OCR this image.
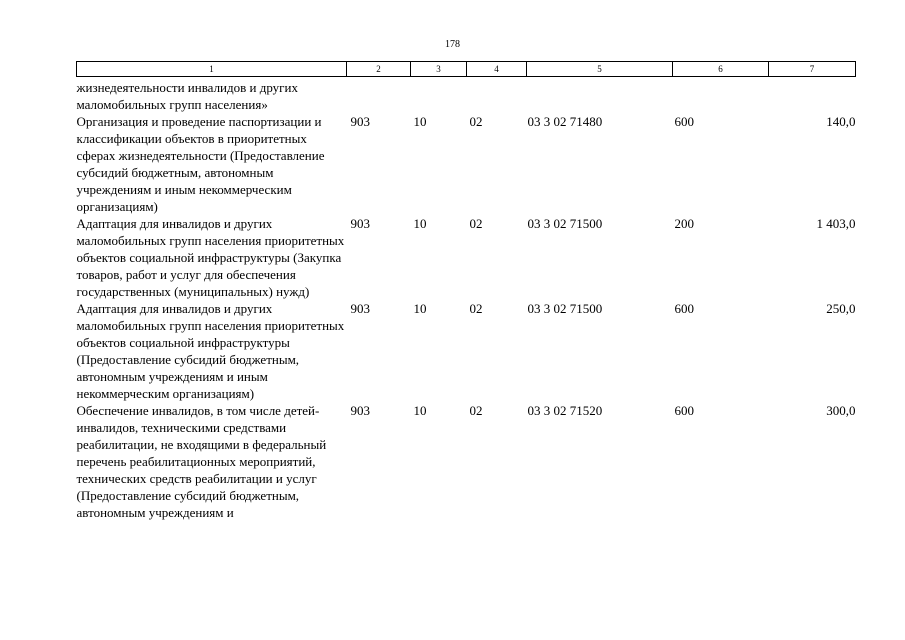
178
1	2	3	4	5	6	7
жизнедеятельности инвалидов и других маломобильных групп населения»						
Организация и проведение паспортизации и классификации объектов в приоритетных сферах жизнедеятельности (Предоставление субсидий бюджетным, автономным учреждениям и иным некоммерческим организациям)	903	10	02	03 3 02 71480	600	140,0
Адаптация для инвалидов и других маломобильных групп населения приоритетных объектов социальной инфраструктуры (Закупка товаров, работ и услуг для обеспечения государственных (муниципальных) нужд)	903	10	02	03 3 02 71500	200	1 403,0
Адаптация для инвалидов и других маломобильных групп населения приоритетных объектов социальной инфраструктуры (Предоставление субсидий бюджетным, автономным учреждениям и иным некоммерческим организациям)	903	10	02	03 3 02 71500	600	250,0
Обеспечение инвалидов, в том числе детей-инвалидов, техническими средствами реабилитации, не входящими в федеральный перечень реабилитационных мероприятий, технических средств реабилитации и услуг (Предоставление субсидий бюджетным, автономным учреждениям и	903	10	02	03 3 02 71520	600	300,0
